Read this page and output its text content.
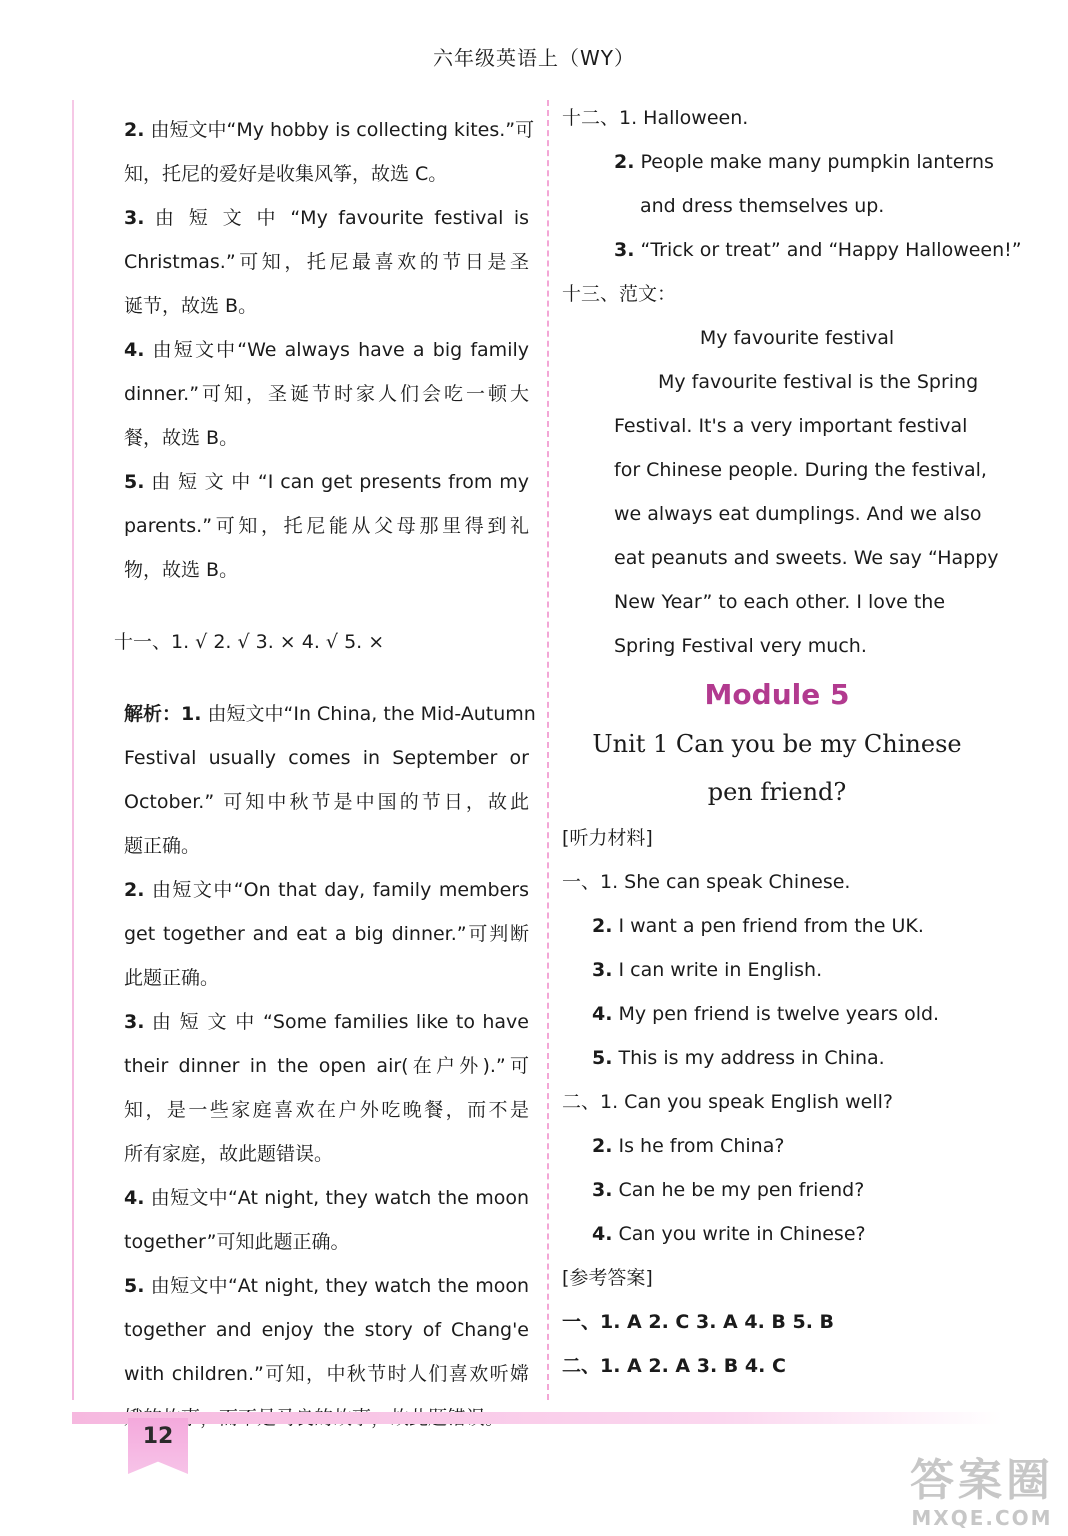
六年级英语上（WY）
2. 由短文中“My hobby is collecting kites.”可
知，托尼的爱好是收集风筝，故选 C。
3. 由 短 文 中 “My favourite festival is
Christmas.”可知，托尼最喜欢的节日是圣
诞节，故选 B。
4. 由短文中“We always have a big family
dinner.”可知，圣诞节时家人们会吃一顿大
餐，故选 B。
5. 由 短 文 中 “I can get presents from my
parents.”可知，托尼能从父母那里得到礼
物，故选 B。
十一、1. √ 2. √ 3. × 4. √ 5. ×
解析：1. 由短文中“In China, the Mid-Autumn
Festival usually comes in September or
October.” 可知中秋节是中国的节日，故此
题正确。
2. 由短文中“On that day, family members
get together and eat a big dinner.”可判断
此题正确。
3. 由 短 文 中 “Some families like to have
their dinner in the open air(在户外).”可
知，是一些家庭喜欢在户外吃晚餐，而不是
所有家庭，故此题错误。
4. 由短文中“At night, they watch the moon
together”可知此题正确。
5. 由短文中“At night, they watch the moon
together and enjoy the story of Chang'e
with children.”可知，中秋节时人们喜欢听嫦
十二、1. Halloween.
2. People make many pumpkin lanterns
and dress themselves up.
3. “Trick or treat” and “Happy Halloween!”
十三、范文：
My favourite festival
My favourite festival is the Spring
Festival. It's a very important festival
for Chinese people. During the festival,
we always eat dumplings. And we also
eat peanuts and sweets. We say “Happy
New Year” to each other. I love the
Spring Festival very much.
Module 5
Unit 1 Can you be my Chinese
pen friend?
[听力材料]
一、1. She can speak Chinese.
2. I want a pen friend from the UK.
3. I can write in English.
4. My pen friend is twelve years old.
5. This is my address in China.
二、1. Can you speak English well?
2. Is he from China?
3. Can he be my pen friend?
4. Can you write in Chinese?
[参考答案]
一、1. A 2. C 3. A 4. B 5. B
二、1. A 2. A 3. B 4. C
12
答案圈
MXQE.COM
